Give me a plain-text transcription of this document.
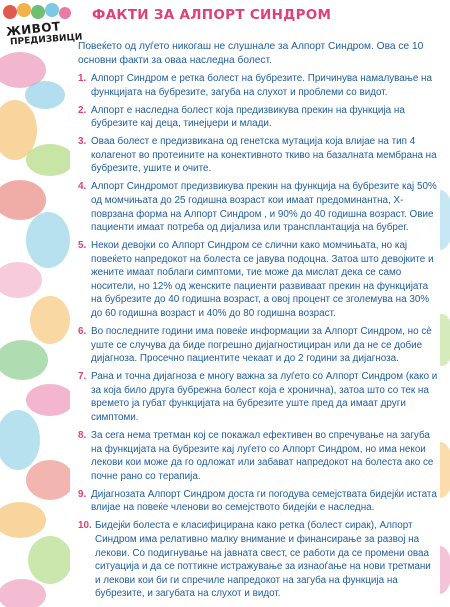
ЖИВОТ
ПРЕДИЗВИЦИ
ФАКТИ ЗА АЛПОРТ СИНДРОМ

Повеќето од луѓето никогаш не слушнале за Алпорт Синдром. Ова се 10 основни факти за оваа наследна болест.

1. Алпорт Синдром е ретка болест на бубрезите. Причинува намалување на функцијата на бубрезите, загуба на слухот и проблеми со видот.
2. Алпорт е наследна болест која предизвикува прекин на функција на бубрезите кај деца, тинејџери и млади.
3. Оваа болест е предизвикана од генетска мутација која влијае на тип 4 колагенот во протеините на конективното ткиво на базалната мембрана на бубрезите, ушите и очите.
4. Алпорт Синдромот предизвикува прекин на функција на бубрезите кај 50% од момчињата до 25 годишна возраст кои имаат предоминантна, Х-поврзана форма на Алпорт Синдром , и 90% до 40 годишна возраст. Овие пациенти имаат потреба од дијализа или трансплантација на бубрег.
5. Некои девојки со Алпорт Синдром се слични како момчињата, но кај повеќето напредокот на болеста се јавува подоцна. Затоа што девојките и жените имаат поблаги симптоми, тие може да мислат дека се само носители, но 12% од женските пациенти развиваат прекин на функцијата на бубрезите до 40 годишна возраст, а овој процент се зголемува на 30% до 60 годишна возраст и 40% до 80 годишна возраст.
6. Во последните години има повеќе информации за Алпорт Синдром, но сè уште се случува да биде погрешно дијагностициран или да не се добие дијагноза. Просечно пациентите чекаат и до 2 години за дијагноза.
7. Рана и точна дијагноза е многу важна за луѓето со Алпорт Синдром (како и за која било друга бубрежна болест која е хронична), затоа што со тек на времето ја губат функцијата на бубрезите уште пред да имаат други симптоми.
8. За сега нема третман кој се покажал ефективен во спречување на загуба на функцијата на бубрезите кај луѓето со Алпорт Синдром, но има некои лекови кои може да го одложат или забават напредокот на болеста ако се почне рано со терапија.
9. Дијагнозата Алпорт Синдром доста ги погодува семејствата бидејќи истата влијае на повеќе членови во семејството бидејќи е наследна.
10. Бидејќи болеста е класифицирана како ретка (болест сирак), Алпорт Синдром има релативно малку внимание и финансирање за развој на лекови. Со подигнување на јавната свест, се работи да се промени оваа ситуација и да се поттикне истражување за изнаоѓање на нови третмани и лекови кои би ги спречиле напредокот на загуба на функција на бубрезите, и загубата на слухот и видот.
